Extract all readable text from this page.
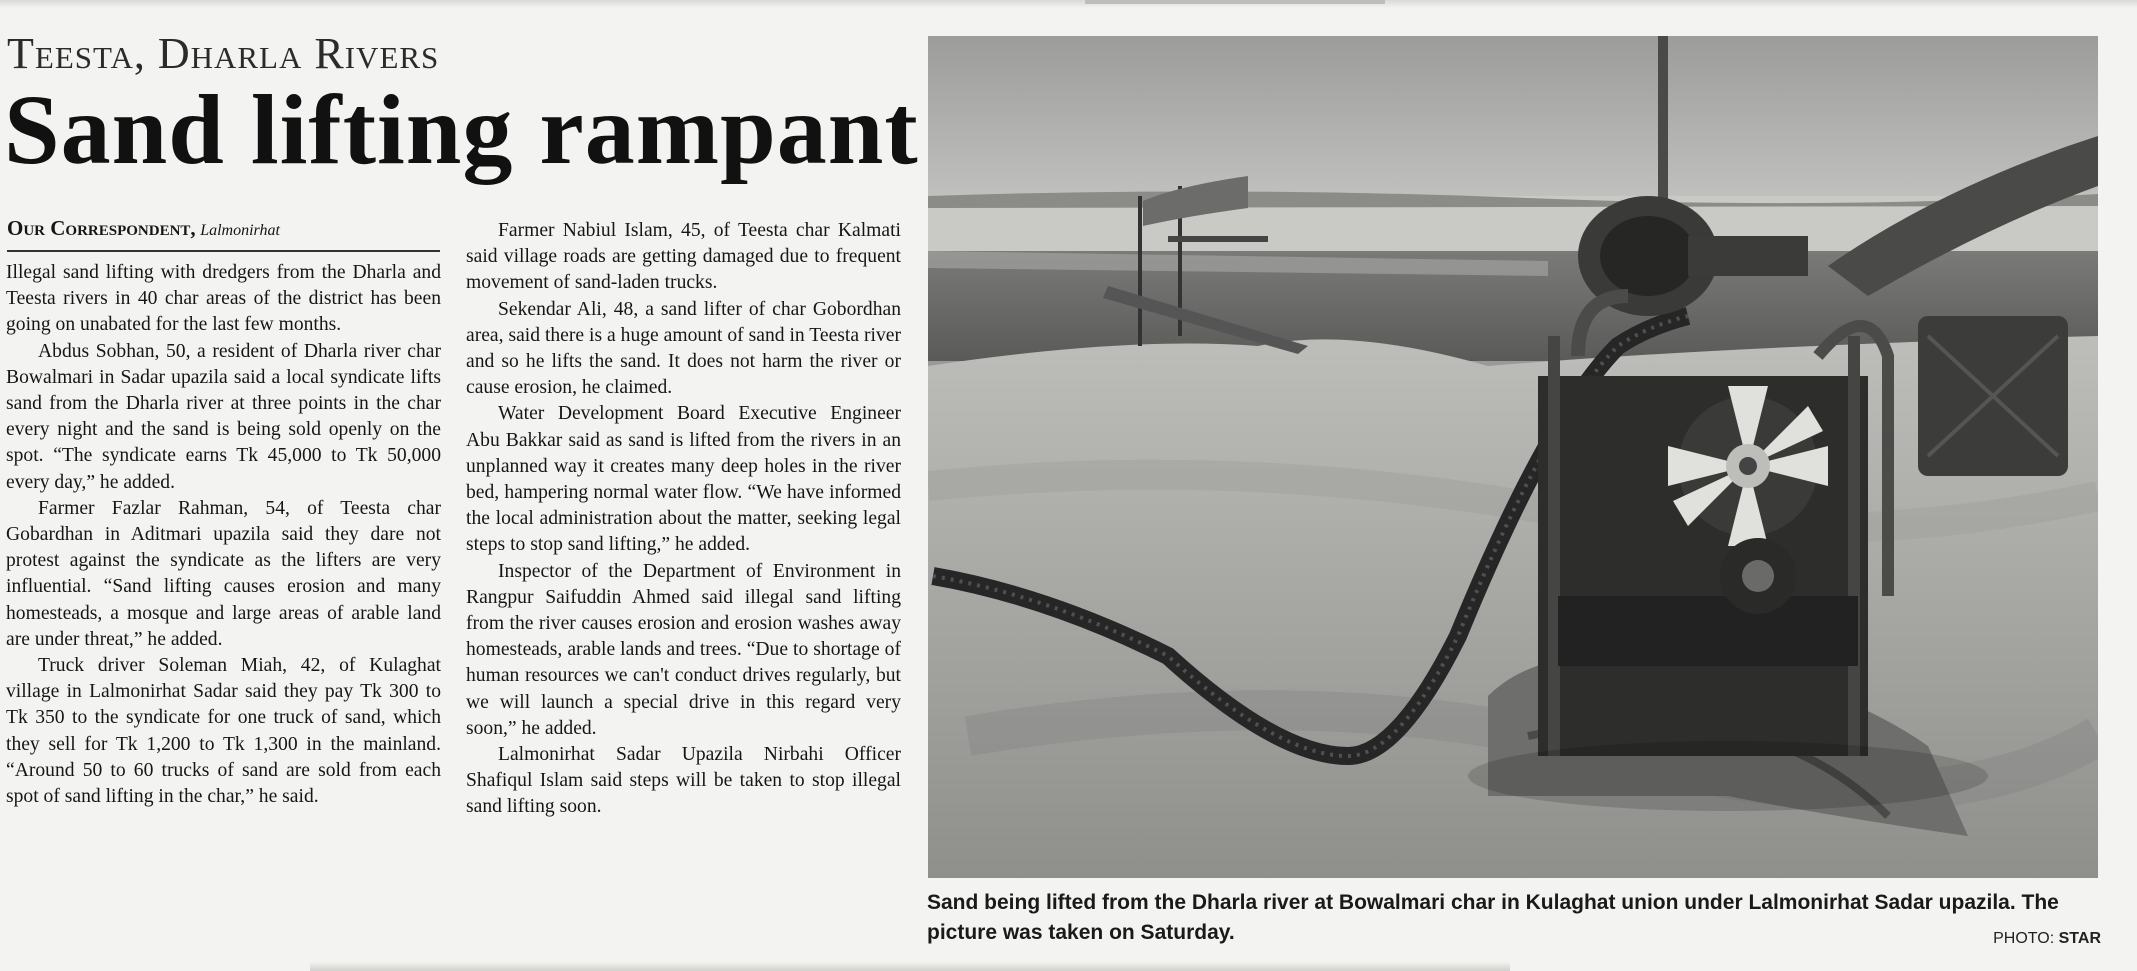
Teesta, Dharla Rivers
Sand lifting rampant
Our Correspondent, Lalmonirhat

Illegal sand lifting with dredgers from the Dharla and Teesta rivers in 40 char areas of the district has been going on unabated for the last few months.

Abdus Sobhan, 50, a resident of Dharla river char Bowalmari in Sadar upazila said a local syndicate lifts sand from the Dharla river at three points in the char every night and the sand is being sold openly on the spot. “The syndicate earns Tk 45,000 to Tk 50,000 every day,” he added.

Farmer Fazlar Rahman, 54, of Teesta char Gobardhan in Aditmari upazila said they dare not protest against the syndicate as the lifters are very influential. “Sand lifting causes erosion and many homesteads, a mosque and large areas of arable land are under threat,” he added.

Truck driver Soleman Miah, 42, of Kulaghat village in Lalmonirhat Sadar said they pay Tk 300 to Tk 350 to the syndicate for one truck of sand, which they sell for Tk 1,200 to Tk 1,300 in the mainland. “Around 50 to 60 trucks of sand are sold from each spot of sand lifting in the char,” he said.

Farmer Nabiul Islam, 45, of Teesta char Kalmati said village roads are getting damaged due to frequent movement of sand-laden trucks.

Sekendar Ali, 48, a sand lifter of char Gobordhan area, said there is a huge amount of sand in Teesta river and so he lifts the sand. It does not harm the river or cause erosion, he claimed.

Water Development Board Executive Engineer Abu Bakkar said as sand is lifted from the rivers in an unplanned way it creates many deep holes in the river bed, hampering normal water flow. “We have informed the local administration about the matter, seeking legal steps to stop sand lifting,” he added.

Inspector of the Department of Environment in Rangpur Saifuddin Ahmed said illegal sand lifting from the river causes erosion and erosion washes away homesteads, arable lands and trees. “Due to shortage of human resources we can't conduct drives regularly, but we will launch a special drive in this regard very soon,” he added.

Lalmonirhat Sadar Upazila Nirbahi Officer Shafiqul Islam said steps will be taken to stop illegal sand lifting soon.

Sand being lifted from the Dharla river at Bowalmari char in Kulaghat union under Lalmonirhat Sadar upazila. The picture was taken on Saturday.	PHOTO: STAR
